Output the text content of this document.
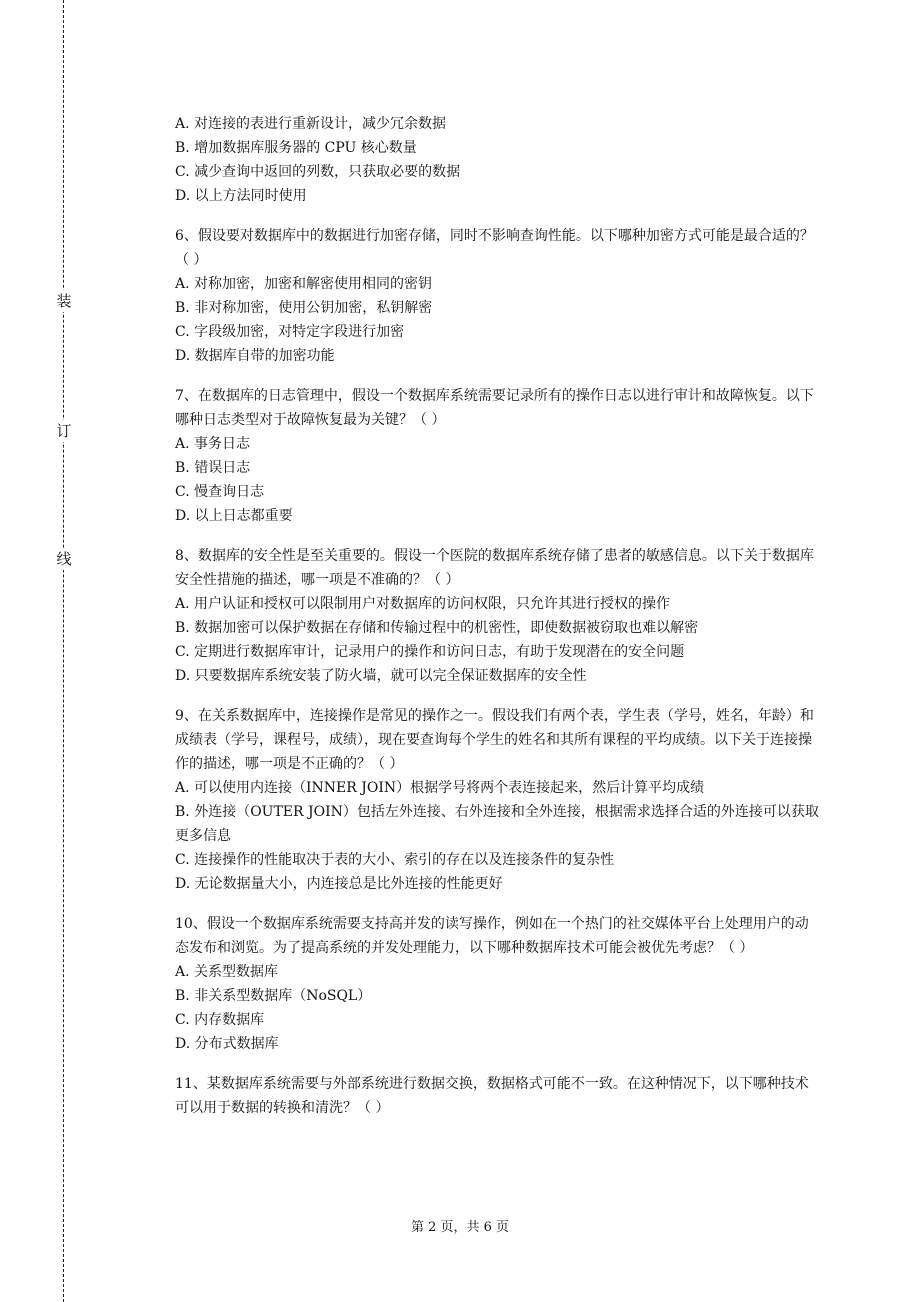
装
订
线

A. 对连接的表进行重新设计，减少冗余数据

B. 增加数据库服务器的 CPU 核心数量

C. 减少查询中返回的列数，只获取必要的数据

D. 以上方法同时使用

6、假设要对数据库中的数据进行加密存储，同时不影响查询性能。以下哪种加密方式可能是最合适的？（ ）

A. 对称加密，加密和解密使用相同的密钥

B. 非对称加密，使用公钥加密，私钥解密

C. 字段级加密，对特定字段进行加密

D. 数据库自带的加密功能

7、在数据库的日志管理中，假设一个数据库系统需要记录所有的操作日志以进行审计和故障恢复。以下哪种日志类型对于故障恢复最为关键？（ ）

A. 事务日志

B. 错误日志

C. 慢查询日志

D. 以上日志都重要

8、数据库的安全性是至关重要的。假设一个医院的数据库系统存储了患者的敏感信息。以下关于数据库安全性措施的描述，哪一项是不准确的？（ ）

A. 用户认证和授权可以限制用户对数据库的访问权限，只允许其进行授权的操作

B. 数据加密可以保护数据在存储和传输过程中的机密性，即使数据被窃取也难以解密

C. 定期进行数据库审计，记录用户的操作和访问日志，有助于发现潜在的安全问题

D. 只要数据库系统安装了防火墙，就可以完全保证数据库的安全性

9、在关系数据库中，连接操作是常见的操作之一。假设我们有两个表，学生表（学号，姓名，年龄）和成绩表（学号，课程号，成绩），现在要查询每个学生的姓名和其所有课程的平均成绩。以下关于连接操作的描述，哪一项是不正确的？（ ）

A. 可以使用内连接（INNER JOIN）根据学号将两个表连接起来，然后计算平均成绩

B. 外连接（OUTER JOIN）包括左外连接、右外连接和全外连接，根据需求选择合适的外连接可以获取更多信息

C. 连接操作的性能取决于表的大小、索引的存在以及连接条件的复杂性

D. 无论数据量大小，内连接总是比外连接的性能更好

10、假设一个数据库系统需要支持高并发的读写操作，例如在一个热门的社交媒体平台上处理用户的动态发布和浏览。为了提高系统的并发处理能力，以下哪种数据库技术可能会被优先考虑？（ ）

A. 关系型数据库

B. 非关系型数据库（NoSQL）

C. 内存数据库

D. 分布式数据库

11、某数据库系统需要与外部系统进行数据交换，数据格式可能不一致。在这种情况下，以下哪种技术可以用于数据的转换和清洗？（ ）

第 2 页，共 6 页
